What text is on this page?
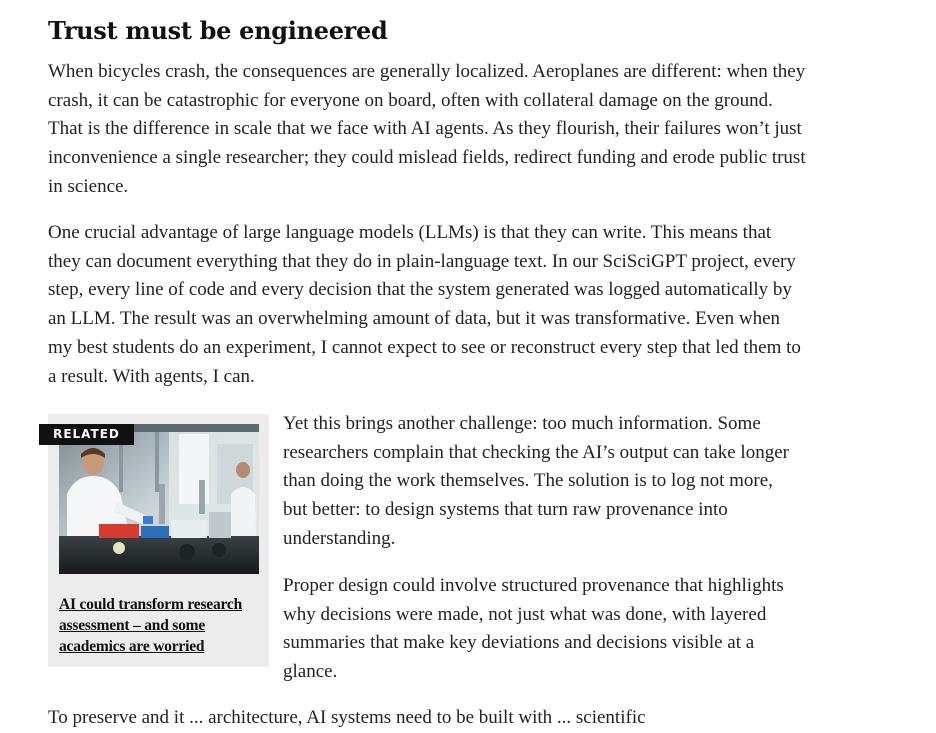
Trust must be engineered

When bicycles crash, the consequences are generally localized. Aeroplanes are different: when they crash, it can be catastrophic for everyone on board, often with collateral damage on the ground. That is the difference in scale that we face with AI agents. As they flourish, their failures won’t just inconvenience a single researcher; they could mislead fields, redirect funding and erode public trust in science.

One crucial advantage of large language models (LLMs) is that they can write. This means that they can document everything that they do in plain-language text. In our SciSciGPT project, every step, every line of code and every decision that the system generated was logged automatically by an LLM. The result was an overwhelming amount of data, but it was transformative. Even when my best students do an experiment, I cannot expect to see or reconstruct every step that led them to a result. With agents, I can.

RELATED
AI could transform research assessment – and some academics are worried

Yet this brings another challenge: too much information. Some researchers complain that checking the AI’s output can take longer than doing the work themselves. The solution is to log not more, but better: to design systems that turn raw provenance into understanding.

Proper design could involve structured provenance that highlights why decisions were made, not just what was done, with layered summaries that make key deviations and decisions visible at a glance.

To preserve and it ... architecture, AI systems need to be built with ... scientific
